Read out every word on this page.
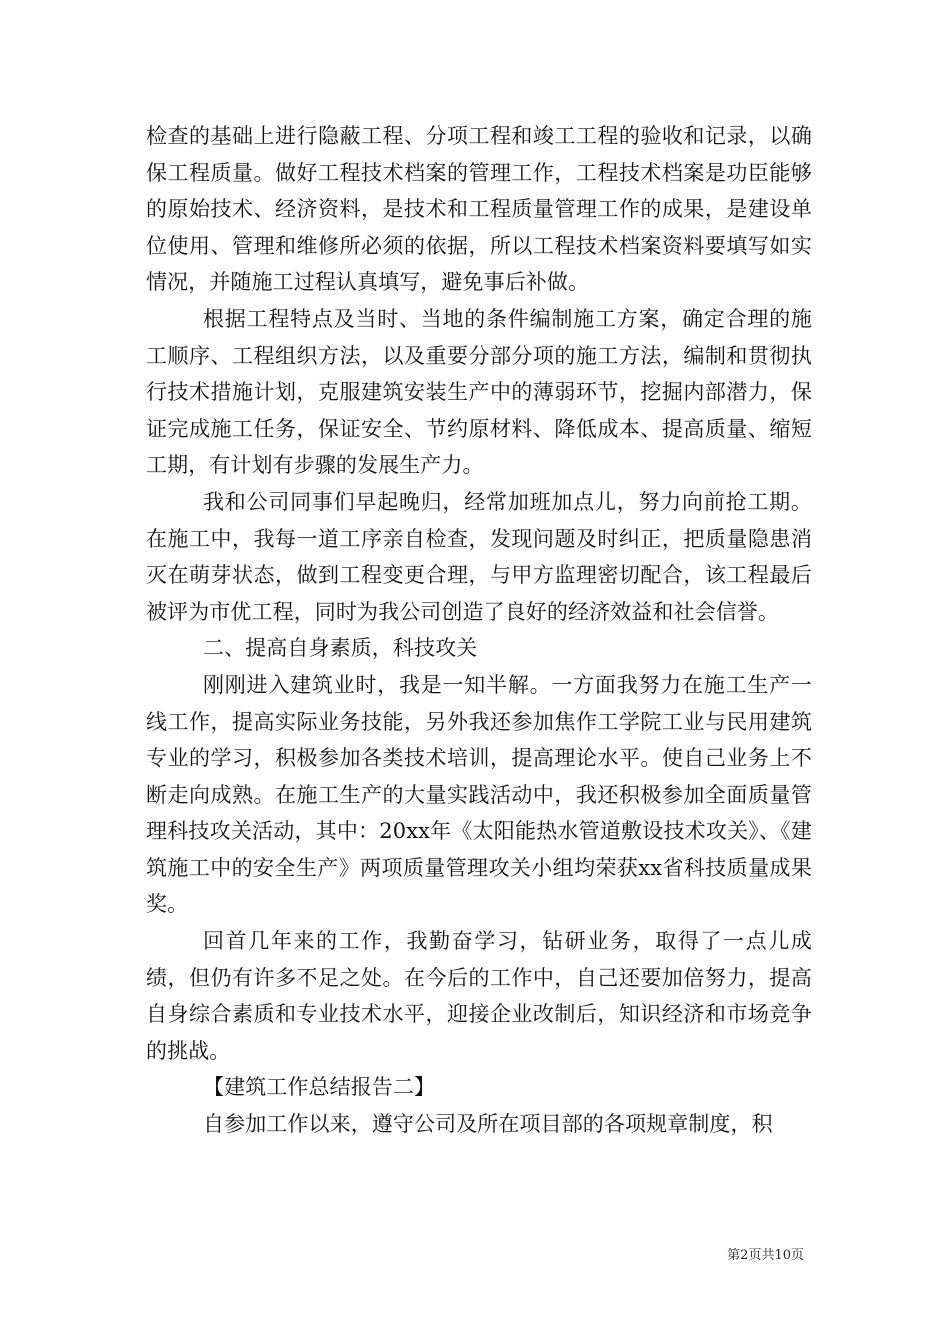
检查的基础上进行隐蔽工程、分项工程和竣工工程的验收和记录，以确保工程质量。做好工程技术档案的管理工作，工程技术档案是功臣能够的原始技术、经济资料，是技术和工程质量管理工作的成果，是建设单位使用、管理和维修所必须的依据，所以工程技术档案资料要填写如实情况，并随施工过程认真填写，避免事后补做。

根据工程特点及当时、当地的条件编制施工方案，确定合理的施工顺序、工程组织方法，以及重要分部分项的施工方法，编制和贯彻执行技术措施计划，克服建筑安装生产中的薄弱环节，挖掘内部潜力，保证完成施工任务，保证安全、节约原材料、降低成本、提高质量、缩短工期，有计划有步骤的发展生产力。

我和公司同事们早起晚归，经常加班加点儿，努力向前抢工期。在施工中，我每一道工序亲自检查，发现问题及时纠正，把质量隐患消灭在萌芽状态，做到工程变更合理，与甲方监理密切配合，该工程最后被评为市优工程，同时为我公司创造了良好的经济效益和社会信誉。

二、提高自身素质，科技攻关

刚刚进入建筑业时，我是一知半解。一方面我努力在施工生产一线工作，提高实际业务技能，另外我还参加焦作工学院工业与民用建筑专业的学习，积极参加各类技术培训，提高理论水平。使自己业务上不断走向成熟。在施工生产的大量实践活动中，我还积极参加全面质量管理科技攻关活动，其中：20xx年《太阳能热水管道敷设技术攻关》、《建筑施工中的安全生产》两项质量管理攻关小组均荣获xx省科技质量成果奖。

回首几年来的工作，我勤奋学习，钻研业务，取得了一点儿成绩，但仍有许多不足之处。在今后的工作中，自己还要加倍努力，提高自身综合素质和专业技术水平，迎接企业改制后，知识经济和市场竞争的挑战。

【建筑工作总结报告二】

自参加工作以来，遵守公司及所在项目部的各项规章制度，积

第2页共10页
